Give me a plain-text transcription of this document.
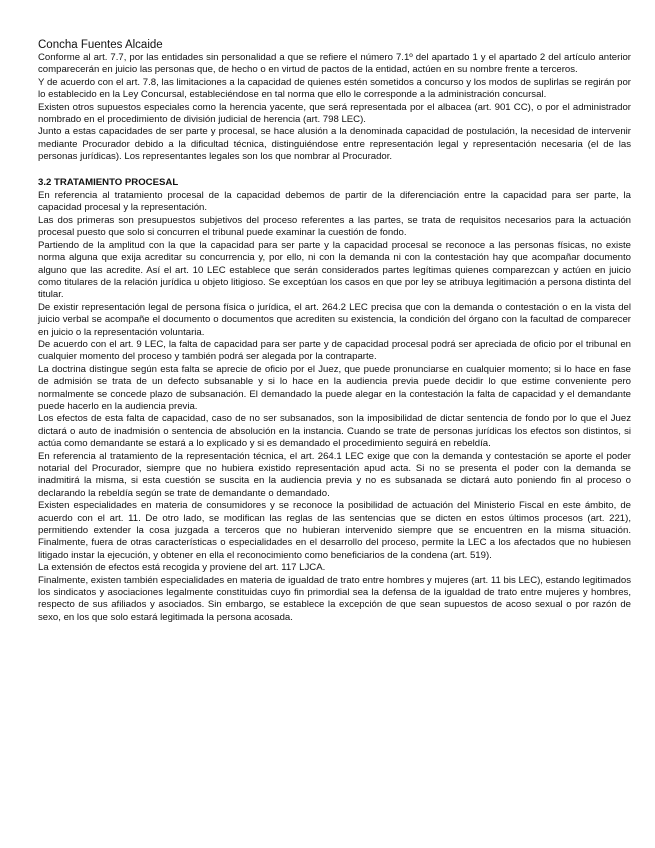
Concha Fuentes Alcaide

Conforme al art. 7.7, por las entidades sin personalidad a que se refiere el número 7.1º del apartado 1 y el apartado 2 del artículo anterior comparecerán en juicio las personas que, de hecho o en virtud de pactos de la entidad, actúen en su nombre frente a terceros.

Y de acuerdo con el art. 7.8, las limitaciones a la capacidad de quienes estén sometidos a concurso y los modos de suplirlas se regirán por lo establecido en la Ley Concursal, estableciéndose en tal norma que ello le corresponde a la administración concursal.

Existen otros supuestos especiales como la herencia yacente, que será representada por el albacea (art. 901 CC), o por el administrador nombrado en el procedimiento de división judicial de herencia (art. 798 LEC).

Junto a estas capacidades de ser parte y procesal, se hace alusión a la denominada capacidad de postulación, la necesidad de intervenir mediante Procurador debido a la dificultad técnica, distinguiéndose entre representación legal y representación necesaria (el de las personas jurídicas). Los representantes legales son los que nombrar al Procurador.

3.2 TRATAMIENTO PROCESAL

En referencia al tratamiento procesal de la capacidad debemos de partir de la diferenciación entre la capacidad para ser parte, la capacidad procesal y la representación.

Las dos primeras son presupuestos subjetivos del proceso referentes a las partes, se trata de requisitos necesarios para la actuación procesal puesto que solo si concurren el tribunal puede examinar la cuestión de fondo.

Partiendo de la amplitud con la que la capacidad para ser parte y la capacidad procesal se reconoce a las personas físicas, no existe norma alguna que exija acreditar su concurrencia y, por ello, ni con la demanda ni con la contestación hay que acompañar documento alguno que las acredite. Así el art. 10 LEC establece que serán considerados partes legítimas quienes comparezcan y actúen en juicio como titulares de la relación jurídica u objeto litigioso. Se exceptúan los casos en que por ley se atribuya legitimación a persona distinta del titular.

De existir representación legal de persona física o jurídica, el art. 264.2 LEC precisa que con la demanda o contestación o en la vista del juicio verbal se acompañe el documento o documentos que acrediten su existencia, la condición del órgano con la facultad de comparecer en juicio o la representación voluntaria.

De acuerdo con el art. 9 LEC, la falta de capacidad para ser parte y de capacidad procesal podrá ser apreciada de oficio por el tribunal en cualquier momento del proceso y también podrá ser alegada por la contraparte.

La doctrina distingue según esta falta se aprecie de oficio por el Juez, que puede pronunciarse en cualquier momento; si lo hace en fase de admisión se trata de un defecto subsanable y si lo hace en la audiencia previa puede decidir lo que estime conveniente pero normalmente se concede plazo de subsanación. El demandado la puede alegar en la contestación la falta de capacidad y el demandante puede hacerlo en la audiencia previa.

Los efectos de esta falta de capacidad, caso de no ser subsanados, son la imposibilidad de dictar sentencia de fondo por lo que el Juez dictará o auto de inadmisión o sentencia de absolución en la instancia. Cuando se trate de personas jurídicas los efectos son distintos, si actúa como demandante se estará a lo explicado y si es demandado el procedimiento seguirá en rebeldía.

En referencia al tratamiento de la representación técnica, el art. 264.1 LEC exige que con la demanda y contestación se aporte el poder notarial del Procurador, siempre que no hubiera existido representación apud acta. Si no se presenta el poder con la demanda se inadmitirá la misma, si esta cuestión se suscita en la audiencia previa y no es subsanada se dictará auto poniendo fin al proceso o declarando la rebeldía según se trate de demandante o demandado.

Existen especialidades en materia de consumidores y se reconoce la posibilidad de actuación del Ministerio Fiscal en este ámbito, de acuerdo con el art. 11. De otro lado, se modifican las reglas de las sentencias que se dicten en estos últimos procesos (art. 221), permitiendo extender la cosa juzgada a terceros que no hubieran intervenido siempre que se encuentren en la misma situación. Finalmente, fuera de otras características o especialidades en el desarrollo del proceso, permite la LEC a los afectados que no hubiesen litigado instar la ejecución, y obtener en ella el reconocimiento como beneficiarios de la condena (art. 519).

La extensión de efectos está recogida y proviene del art. 117 LJCA.

Finalmente, existen también especialidades en materia de igualdad de trato entre hombres y mujeres (art. 11 bis LEC), estando legitimados los sindicatos y asociaciones legalmente constituidas cuyo fin primordial sea la defensa de la igualdad de trato entre mujeres y hombres, respecto de sus afiliados y asociados. Sin embargo, se establece la excepción de que sean supuestos de acoso sexual o por razón de sexo, en los que solo estará legitimada la persona acosada.
